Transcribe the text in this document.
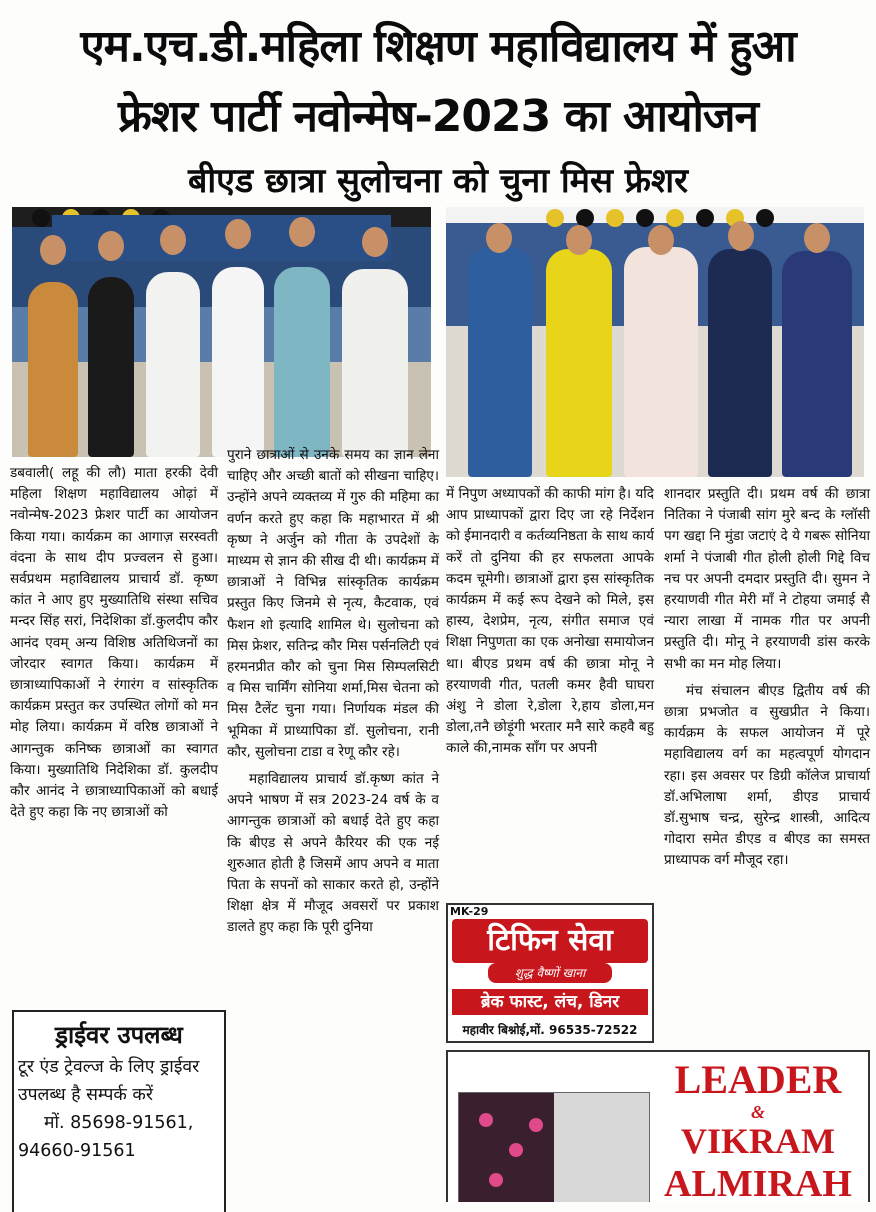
एम.एच.डी.महिला शिक्षण महाविद्यालय में हुआ
फ्रेशर पार्टी नवोन्मेष-2023 का आयोजन
बीएड छात्रा सुलोचना को चुना मिस फ्रेशर

डबवाली( लहू की लौ) माता हरकी देवी महिला शिक्षण महाविद्यालय ओढ़ां में नवोन्मेष-2023 फ्रेशर पार्टी का आयोजन किया गया। कार्यक्रम का आगाज़ सरस्वती वंदना के साथ दीप प्रज्वलन से हुआ। सर्वप्रथम महाविद्यालय प्राचार्य डॉ. कृष्ण कांत ने आए हुए मुख्यातिथि संस्था सचिव मन्दर सिंह सरां, निदेशिका डॉ.कुलदीप कौर आनंद एवम् अन्य विशिष्ठ अतिथिजनों का जोरदार स्वागत किया। कार्यक्रम में छात्राध्यापिकाओं ने रंगारंग व सांस्कृतिक कार्यक्रम प्रस्तुत कर उपस्थित लोगों को मन मोह लिया। कार्यक्रम में वरिष्ठ छात्राओं ने आगन्तुक कनिष्क छात्राओं का स्वागत किया। मुख्यातिथि निदेशिका डॉ. कुलदीप कौर आनंद ने छात्राध्यापिकाओं को बधाई देते हुए कहा कि नए छात्राओं को

पुराने छात्राओं से उनके समय का ज्ञान लेना चाहिए और अच्छी बातों को सीखना चाहिए। उन्होंने अपने व्यक्तव्य में गुरु की महिमा का वर्णन करते हुए कहा कि महाभारत में श्री कृष्ण ने अर्जुन को गीता के उपदेशों के माध्यम से ज्ञान की सीख दी थी। कार्यक्रम में छात्राओं ने विभिन्न सांस्कृतिक कार्यक्रम प्रस्तुत किए जिनमे से नृत्य, कैटवाक, एवं फैशन शो इत्यादि शामिल थे। सुलोचना को मिस फ्रेशर, सतिन्द्र कौर मिस पर्सनलिटी एवं हरमनप्रीत कौर को चुना मिस सिम्पलसिटी व मिस चार्मिंग सोनिया शर्मा,मिस चेतना को मिस टैलेंट चुना गया। निर्णायक मंडल की भूमिका में प्राध्यापिका डॉ. सुलोचना, रानी कौर, सुलोचना टाडा व रेणू कौर रहे।

महाविद्यालय प्राचार्य डॉ.कृष्ण कांत ने अपने भाषण में सत्र 2023-24 वर्ष के व आगन्तुक छात्राओं को बधाई देते हुए कहा कि बीएड से अपने कैरियर की एक नई शुरुआत होती है जिसमें आप अपने व माता पिता के सपनों को साकार करते हो, उन्होंने शिक्षा क्षेत्र में मौजूद अवसरों पर प्रकाश डालते हुए कहा कि पूरी दुनिया

में निपुण अध्यापकों की काफी मांग है। यदि आप प्राध्यापकों द्वारा दिए जा रहे निर्देशन को ईमानदारी व कर्तव्यनिष्ठता के साथ कार्य करें तो दुनिया की हर सफलता आपके कदम चूमेगी। छात्राओं द्वारा इस सांस्कृतिक कार्यक्रम में कई रूप देखने को मिले, इस हास्य, देशप्रेम, नृत्य, संगीत समाज एवं शिक्षा निपुणता का एक अनोखा समायोजन था। बीएड प्रथम वर्ष की छात्रा मोनू ने हरयाणवी गीत, पतली कमर हैवी घाघरा अंशु ने डोला रे,डोला रे,हाय डोला,मन डोला,तनै छोड़ूंगी भरतार मनै सारे कहवै बहु काले की,नामक सॉंग पर अपनी

शानदार प्रस्तुति दी। प्रथम वर्ष की छात्रा नितिका ने पंजाबी सांग मुरे बन्द के ग्लॉसी पग खद्दा नि मुंडा जटाएं दे ये गबरू सोनिया शर्मा ने पंजाबी गीत होली होली गिद्दे विच नच पर अपनी दमदार प्रस्तुति दी। सुमन ने हरयाणवी गीत मेरी माँ ने टोहया जमाई सै न्यारा लाखा में नामक गीत पर अपनी प्रस्तुति दी। मोनू ने हरयाणवी डांस करके सभी का मन मोह लिया।

मंच संचालन बीएड द्वितीय वर्ष की छात्रा प्रभजोत व सुखप्रीत ने किया। कार्यक्रम के सफल आयोजन में पूरे महाविद्यालय वर्ग का महत्वपूर्ण योगदान रहा। इस अवसर पर डिग्री कॉलेज प्राचार्या डॉ.अभिलाषा शर्मा, डीएड प्राचार्य डॉ.सुभाष चन्द्र, सुरेन्द्र शास्त्री, आदित्य गोदारा समेत डीएड व बीएड का समस्त प्राध्यापक वर्ग मौजूद रहा।

ड्राईवर उपलब्ध
टूर एंड ट्रेवल्ज के लिए ड्राईवर उपलब्ध है सम्पर्क करें
मों. 85698-91561,
94660-91561
MK-29
टिफिन सेवा
शुद्ध वैष्णों खाना
ब्रेक फास्ट, लंच, डिनर
महावीर बिश्नोई,मों. 96535-72522
LEADER
&
VIKRAM
ALMIRAH
